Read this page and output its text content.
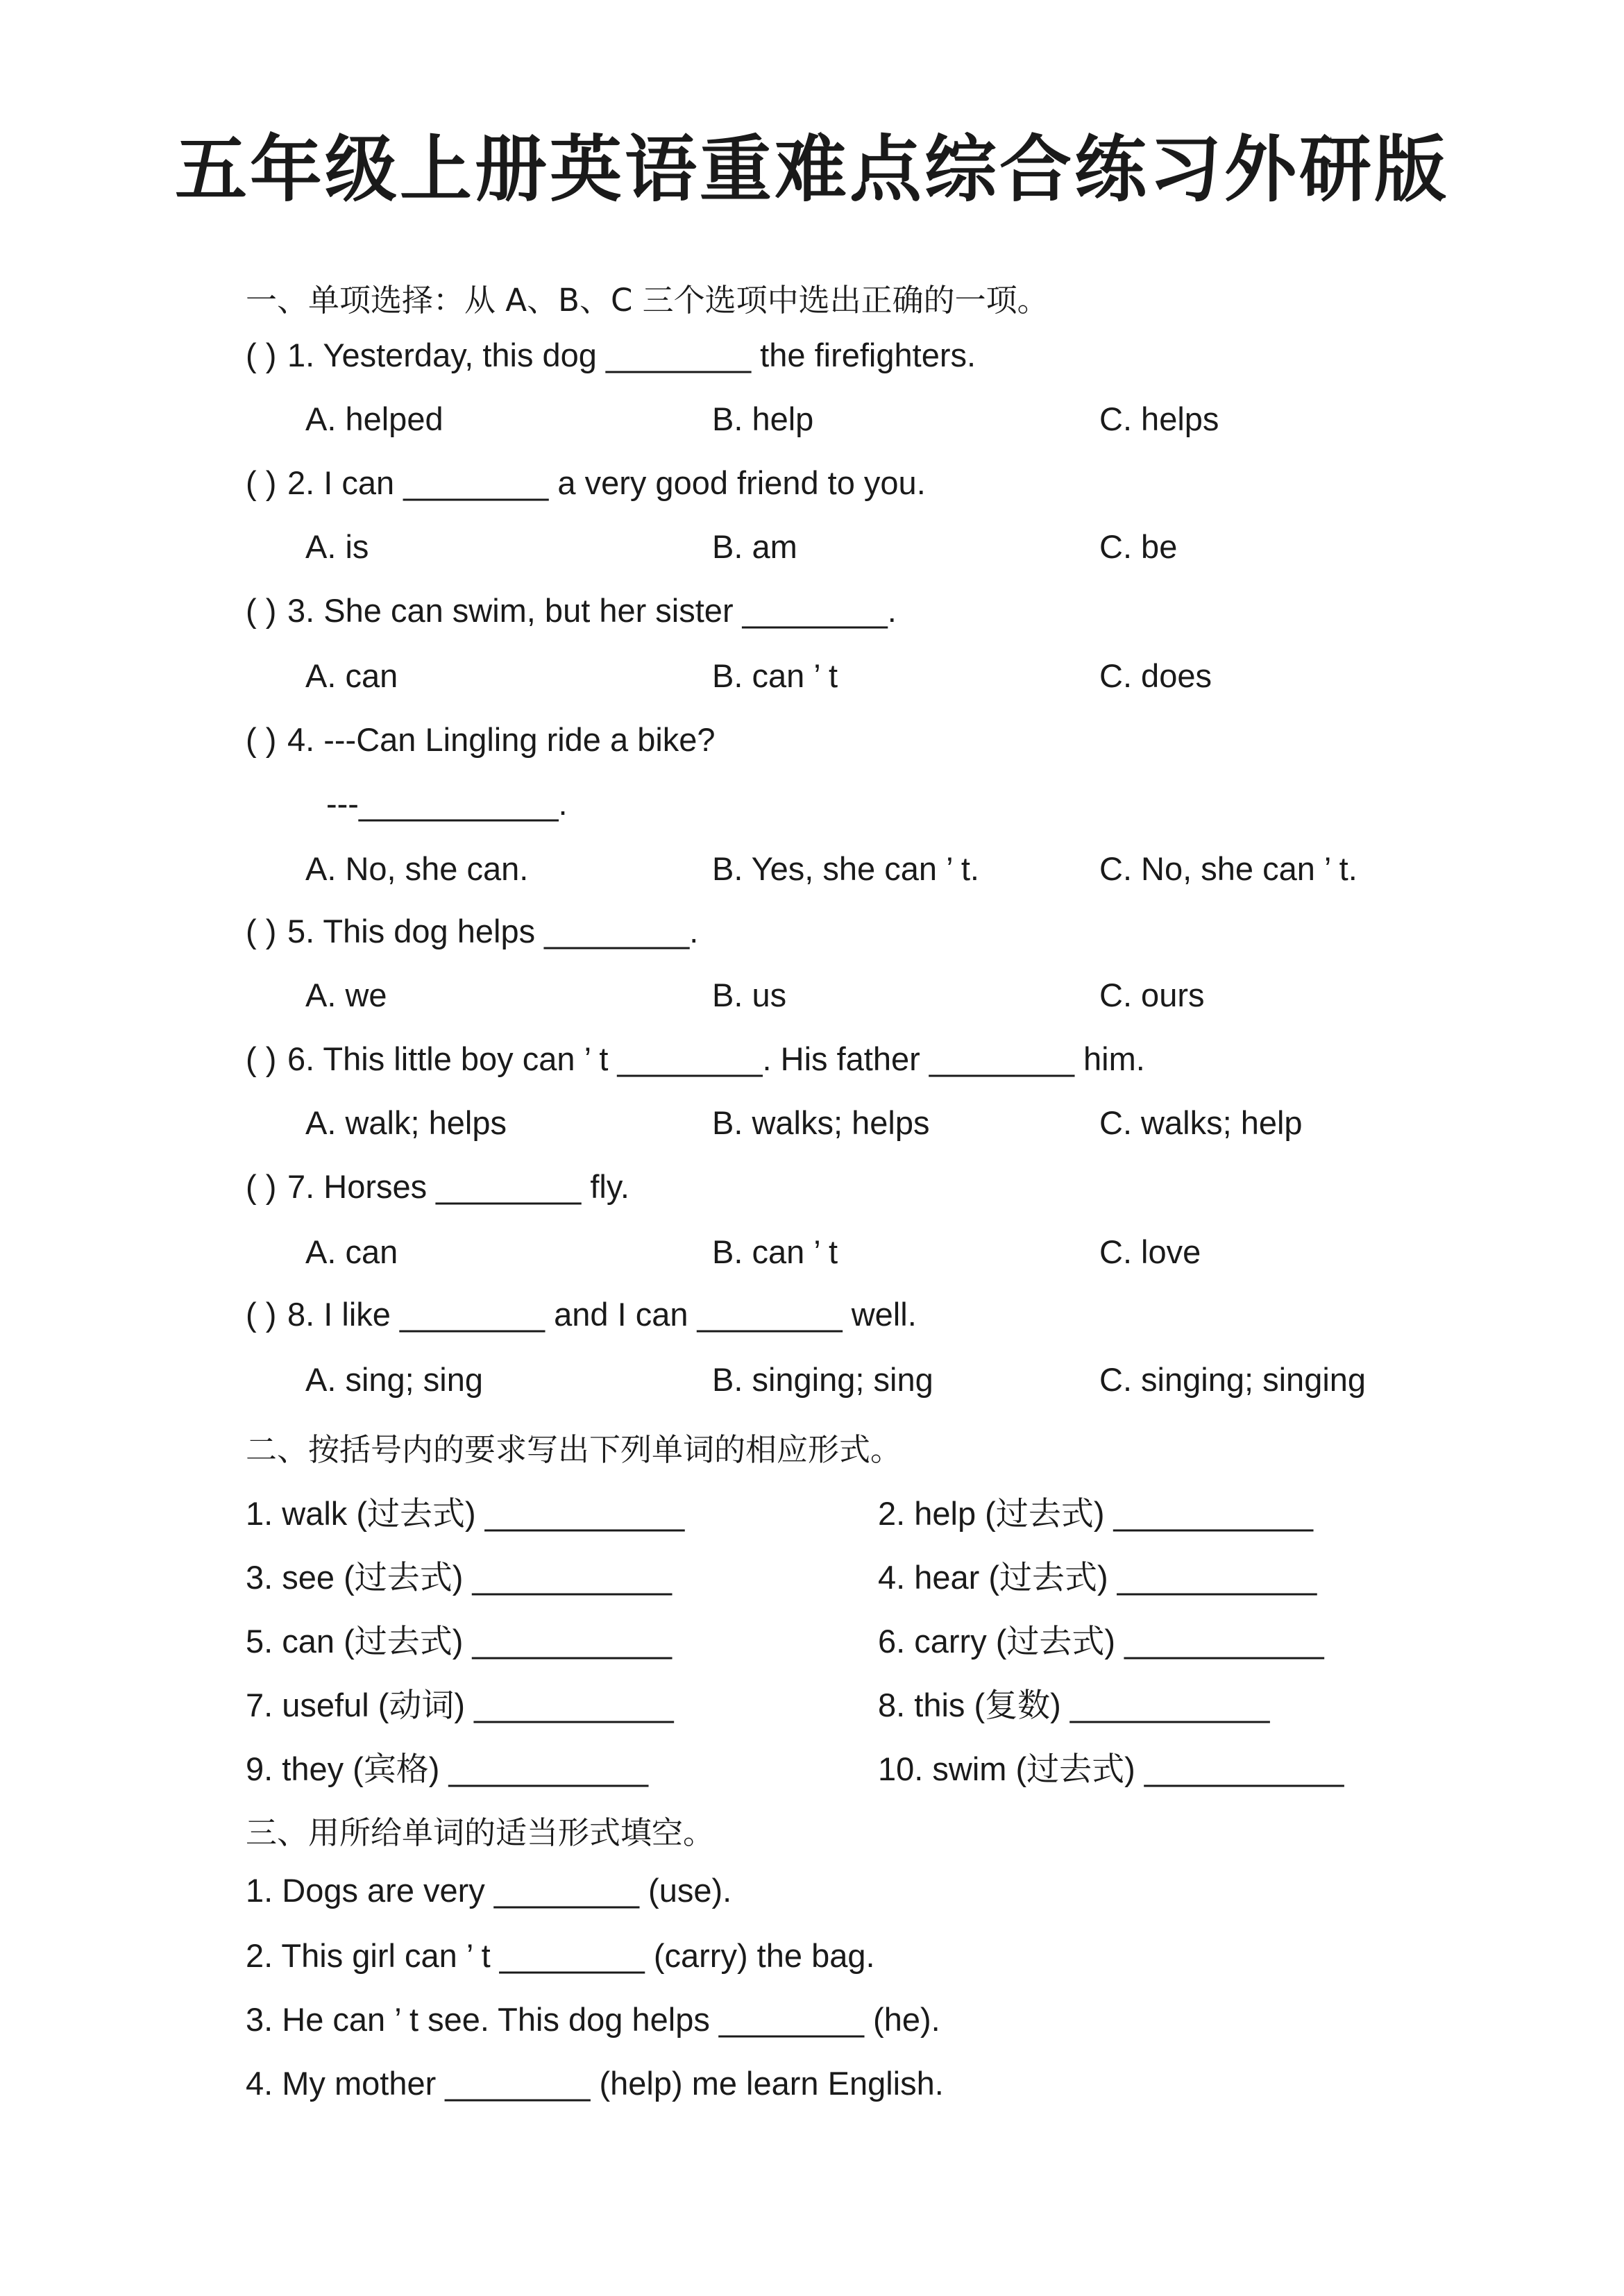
五年级上册英语重难点综合练习外研版
一、单项选择：从 A、B、C 三个选项中选出正确的一项。
( ) 1. Yesterday, this dog ________ the firefighters.
A. helped	B. help	C. helps
( ) 2. I can ________ a very good friend to you.
A. is	B. am	C. be
( ) 3. She can swim, but her sister ________.
A. can	B. can ’ t	C. does
( ) 4. ---Can Lingling ride a bike?
---___________.
A. No, she can.	B. Yes, she can ’ t.	C. No, she can ’ t.
( ) 5. This dog helps ________.
A. we	B. us	C. ours
( ) 6. This little boy can ’ t ________. His father ________ him.
A. walk; helps	B. walks; helps	C. walks; help
( ) 7. Horses ________ fly.
A. can	B. can ’ t	C. love
( ) 8. I like ________ and I can ________ well.
A. sing; sing	B. singing; sing	C. singing; singing
二、按括号内的要求写出下列单词的相应形式。
1. walk (过去式) ___________	2. help (过去式) ___________
3. see (过去式) ___________	4. hear (过去式) ___________
5. can (过去式) ___________	6. carry (过去式) ___________
7. useful (动词) ___________	8. this (复数) ___________
9. they (宾格) ___________	10. swim (过去式) ___________
三、用所给单词的适当形式填空。
1. Dogs are very ________ (use).
2. This girl can ’ t ________ (carry) the bag.
3. He can ’ t see. This dog helps ________ (he).
4. My mother ________ (help) me learn English.
